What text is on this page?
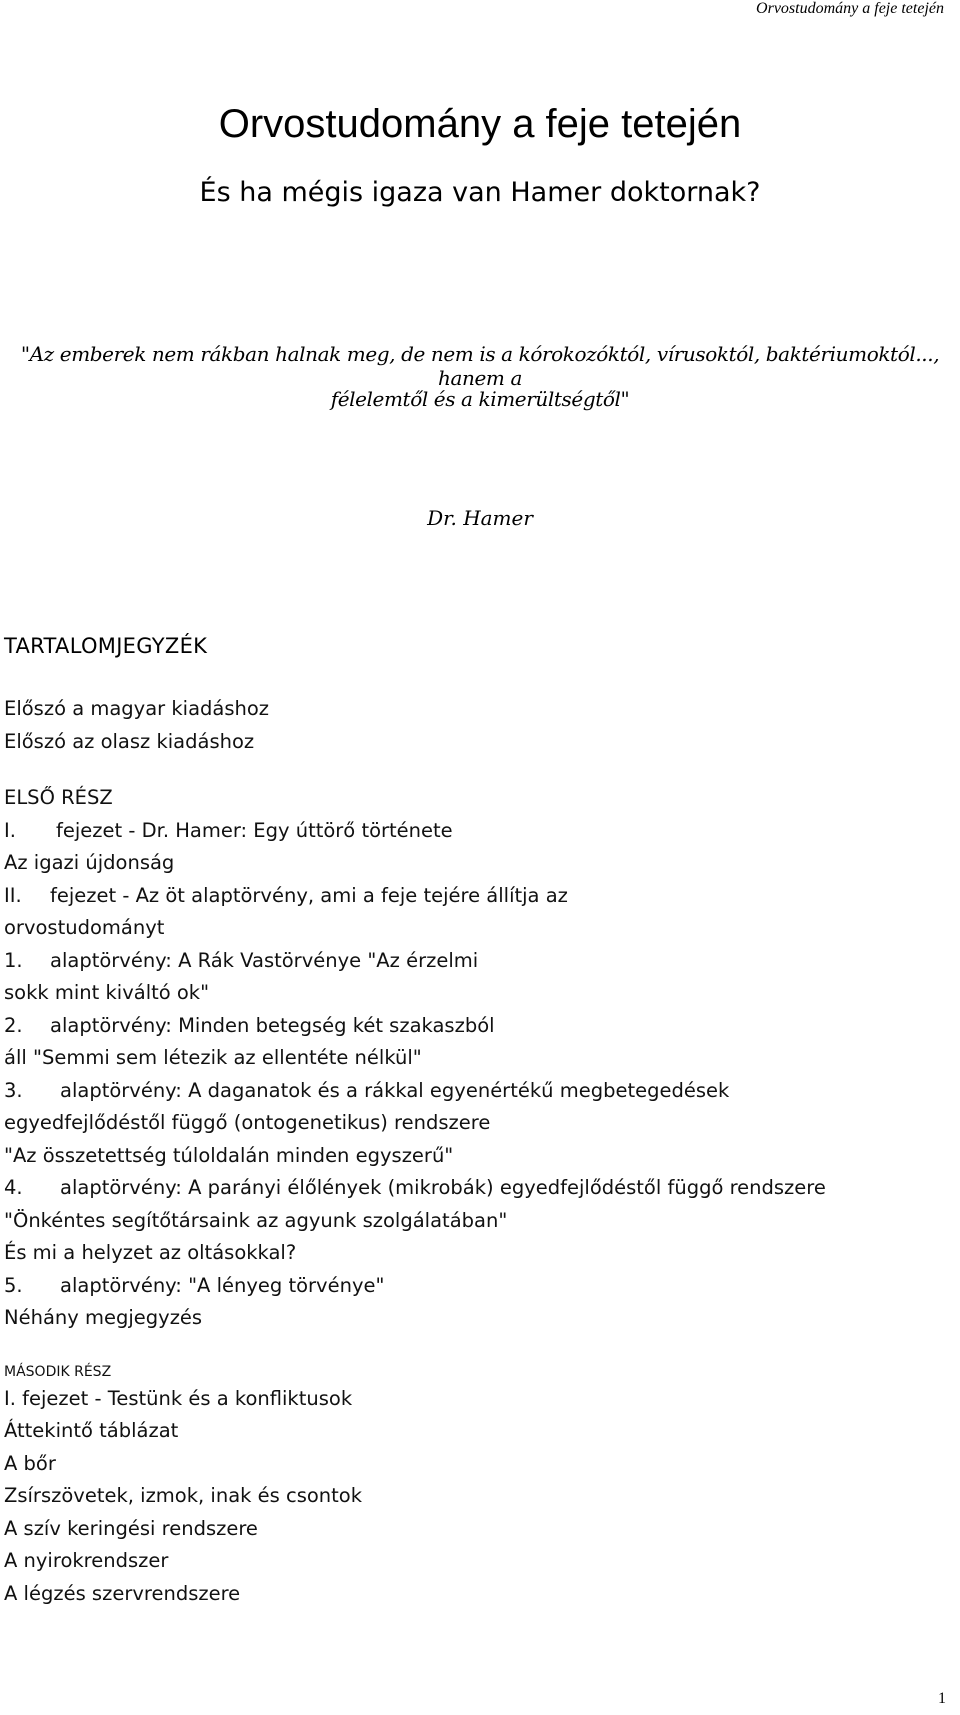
Orvostudomány a feje tetején
Orvostudomány a feje tetején
És ha mégis igaza van Hamer doktornak?
"Az emberek nem rákban halnak meg, de nem is a kórokozóktól, vírusoktól, baktériumoktól..., hanem a
félelemtől és a kimerültségtől"
Dr. Hamer
TARTALOMJEGYZÉK
Előszó a magyar kiadáshoz
Előszó az olasz kiadáshoz
ELSŐ RÉSZ
I. fejezet - Dr. Hamer: Egy úttörő története
Az igazi újdonság
II. fejezet - Az öt alaptörvény, ami a feje tejére állítja az
orvostudományt
1. alaptörvény: A Rák Vastörvénye "Az érzelmi
sokk mint kiváltó ok"
2. alaptörvény: Minden betegség két szakaszból
áll "Semmi sem létezik az ellentéte nélkül"
3. alaptörvény: A daganatok és a rákkal egyenértékű megbetegedések
egyedfejlődéstől függő (ontogenetikus) rendszere
"Az összetettség túloldalán minden egyszerű"
4. alaptörvény: A parányi élőlények (mikrobák) egyedfejlődéstől függő rendszere
"Önkéntes segítőtársaink az agyunk szolgálatában"
És mi a helyzet az oltásokkal?
5. alaptörvény: "A lényeg törvénye"
Néhány megjegyzés
MÁSODIK RÉSZ
I. fejezet - Testünk és a konfliktusok
Áttekintő táblázat
A bőr
Zsírszövetek, izmok, inak és csontok
A szív keringési rendszere
A nyirokrendszer
A légzés szervrendszere
1
